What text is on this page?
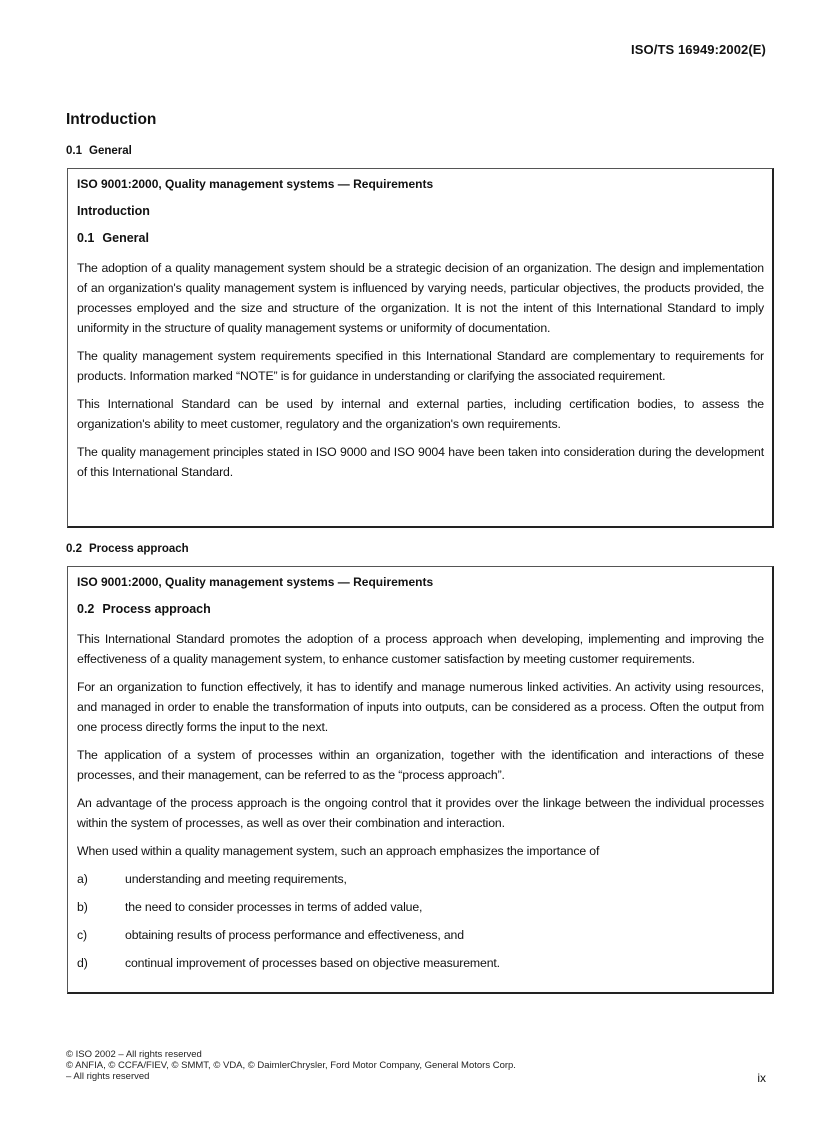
ISO/TS 16949:2002(E)
Introduction
0.1 General
ISO 9001:2000, Quality management systems — Requirements
Introduction
0.1 General

The adoption of a quality management system should be a strategic decision of an organization. The design and implementation of an organization's quality management system is influenced by varying needs, particular objectives, the products provided, the processes employed and the size and structure of the organization. It is not the intent of this International Standard to imply uniformity in the structure of quality management systems or uniformity of documentation.

The quality management system requirements specified in this International Standard are complementary to requirements for products. Information marked “NOTE” is for guidance in understanding or clarifying the associated requirement.

This International Standard can be used by internal and external parties, including certification bodies, to assess the organization's ability to meet customer, regulatory and the organization's own requirements.

The quality management principles stated in ISO 9000 and ISO 9004 have been taken into consideration during the development of this International Standard.

0.2 Process approach
ISO 9001:2000, Quality management systems — Requirements
0.2 Process approach

This International Standard promotes the adoption of a process approach when developing, implementing and improving the effectiveness of a quality management system, to enhance customer satisfaction by meeting customer requirements.

For an organization to function effectively, it has to identify and manage numerous linked activities. An activity using resources, and managed in order to enable the transformation of inputs into outputs, can be considered as a process. Often the output from one process directly forms the input to the next.

The application of a system of processes within an organization, together with the identification and interactions of these processes, and their management, can be referred to as the “process approach”.

An advantage of the process approach is the ongoing control that it provides over the linkage between the individual processes within the system of processes, as well as over their combination and interaction.

When used within a quality management system, such an approach emphasizes the importance of

a)	understanding and meeting requirements,
b)	the need to consider processes in terms of added value,
c)	obtaining results of process performance and effectiveness, and
d)	continual improvement of processes based on objective measurement.
© ISO 2002 – All rights reserved
© ANFIA, © CCFA/FIEV, © SMMT, © VDA, © DaimlerChrysler, Ford Motor Company, General Motors Corp.
– All rights reserved	ix
